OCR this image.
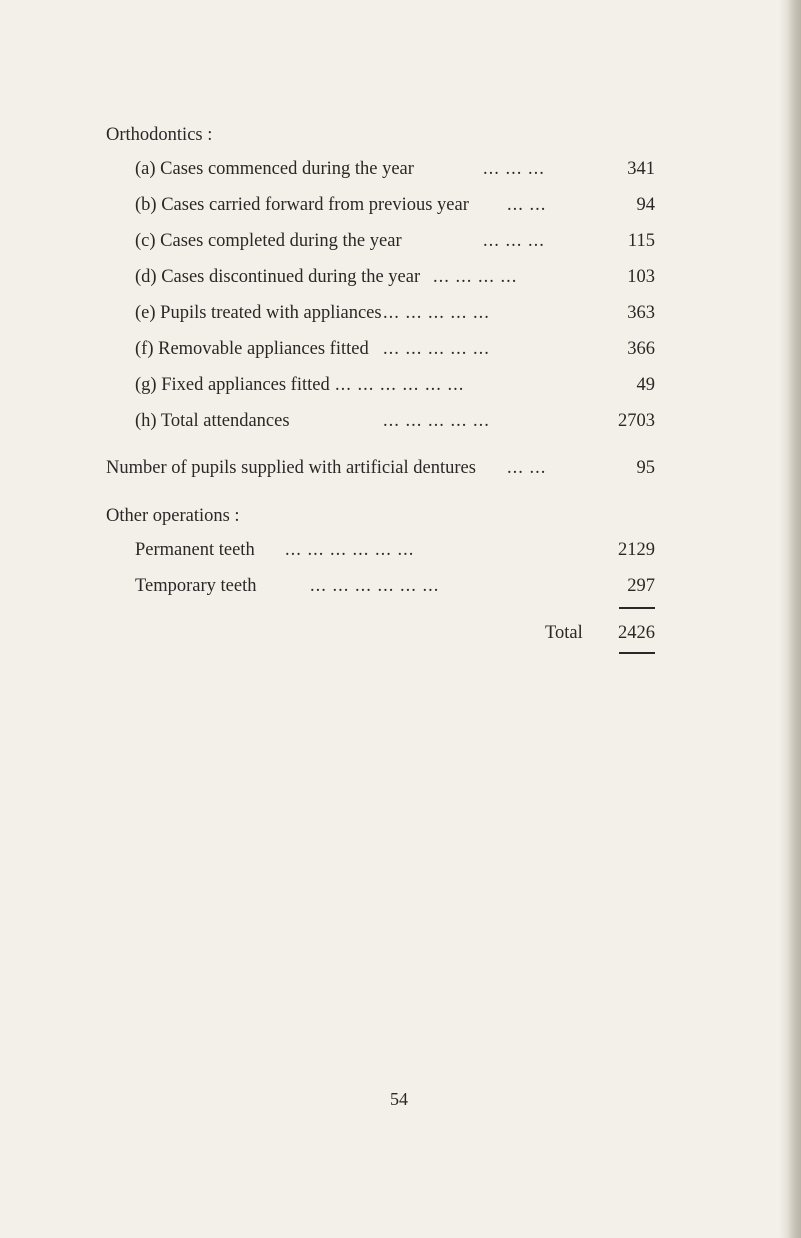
Orthodontics :
(a) Cases commenced during the year	... ... ...	341
(b) Cases carried forward from previous year ... ...	94
(c) Cases completed during the year	... ... ...	115
(d) Cases discontinued during the year ... ... ... ...	103
(e) Pupils treated with appliances ... ... ... ... ...	363
(f) Removable appliances fitted ... ... ... ... ...	366
(g) Fixed appliances fitted ... ... ... ... ... ...	49
(h) Total attendances	... ... ... ... ...	2703
Number of pupils supplied with artificial dentures ... ...	95
Other operations :
Permanent teeth ... ... ... ... ... ...	2129
Temporary teeth	... ... ... ... ... ...	297
Total	2426
54
